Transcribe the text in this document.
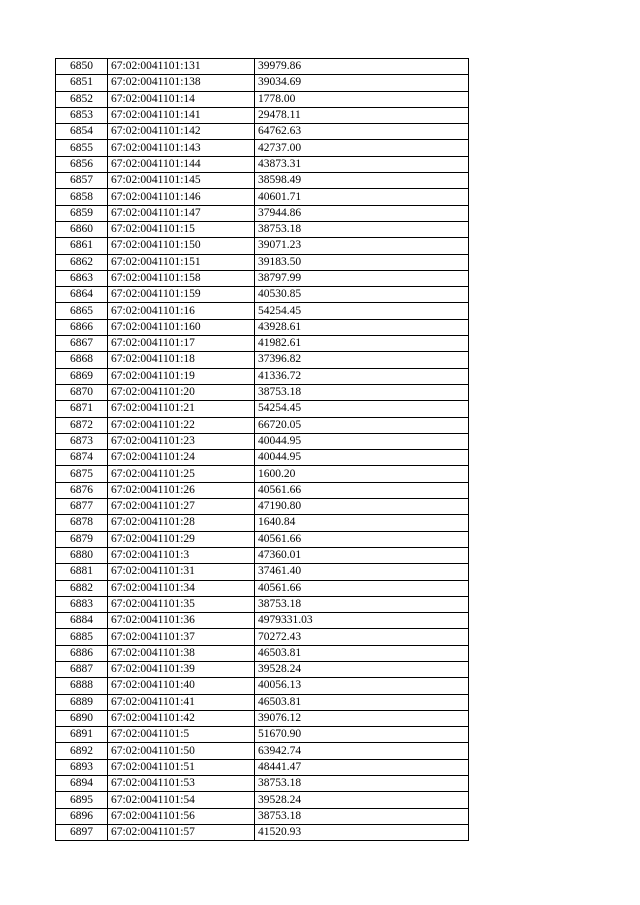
6850	67:02:0041101:131	39979.86
6851	67:02:0041101:138	39034.69
6852	67:02:0041101:14	1778.00
6853	67:02:0041101:141	29478.11
6854	67:02:0041101:142	64762.63
6855	67:02:0041101:143	42737.00
6856	67:02:0041101:144	43873.31
6857	67:02:0041101:145	38598.49
6858	67:02:0041101:146	40601.71
6859	67:02:0041101:147	37944.86
6860	67:02:0041101:15	38753.18
6861	67:02:0041101:150	39071.23
6862	67:02:0041101:151	39183.50
6863	67:02:0041101:158	38797.99
6864	67:02:0041101:159	40530.85
6865	67:02:0041101:16	54254.45
6866	67:02:0041101:160	43928.61
6867	67:02:0041101:17	41982.61
6868	67:02:0041101:18	37396.82
6869	67:02:0041101:19	41336.72
6870	67:02:0041101:20	38753.18
6871	67:02:0041101:21	54254.45
6872	67:02:0041101:22	66720.05
6873	67:02:0041101:23	40044.95
6874	67:02:0041101:24	40044.95
6875	67:02:0041101:25	1600.20
6876	67:02:0041101:26	40561.66
6877	67:02:0041101:27	47190.80
6878	67:02:0041101:28	1640.84
6879	67:02:0041101:29	40561.66
6880	67:02:0041101:3	47360.01
6881	67:02:0041101:31	37461.40
6882	67:02:0041101:34	40561.66
6883	67:02:0041101:35	38753.18
6884	67:02:0041101:36	4979331.03
6885	67:02:0041101:37	70272.43
6886	67:02:0041101:38	46503.81
6887	67:02:0041101:39	39528.24
6888	67:02:0041101:40	40056.13
6889	67:02:0041101:41	46503.81
6890	67:02:0041101:42	39076.12
6891	67:02:0041101:5	51670.90
6892	67:02:0041101:50	63942.74
6893	67:02:0041101:51	48441.47
6894	67:02:0041101:53	38753.18
6895	67:02:0041101:54	39528.24
6896	67:02:0041101:56	38753.18
6897	67:02:0041101:57	41520.93
